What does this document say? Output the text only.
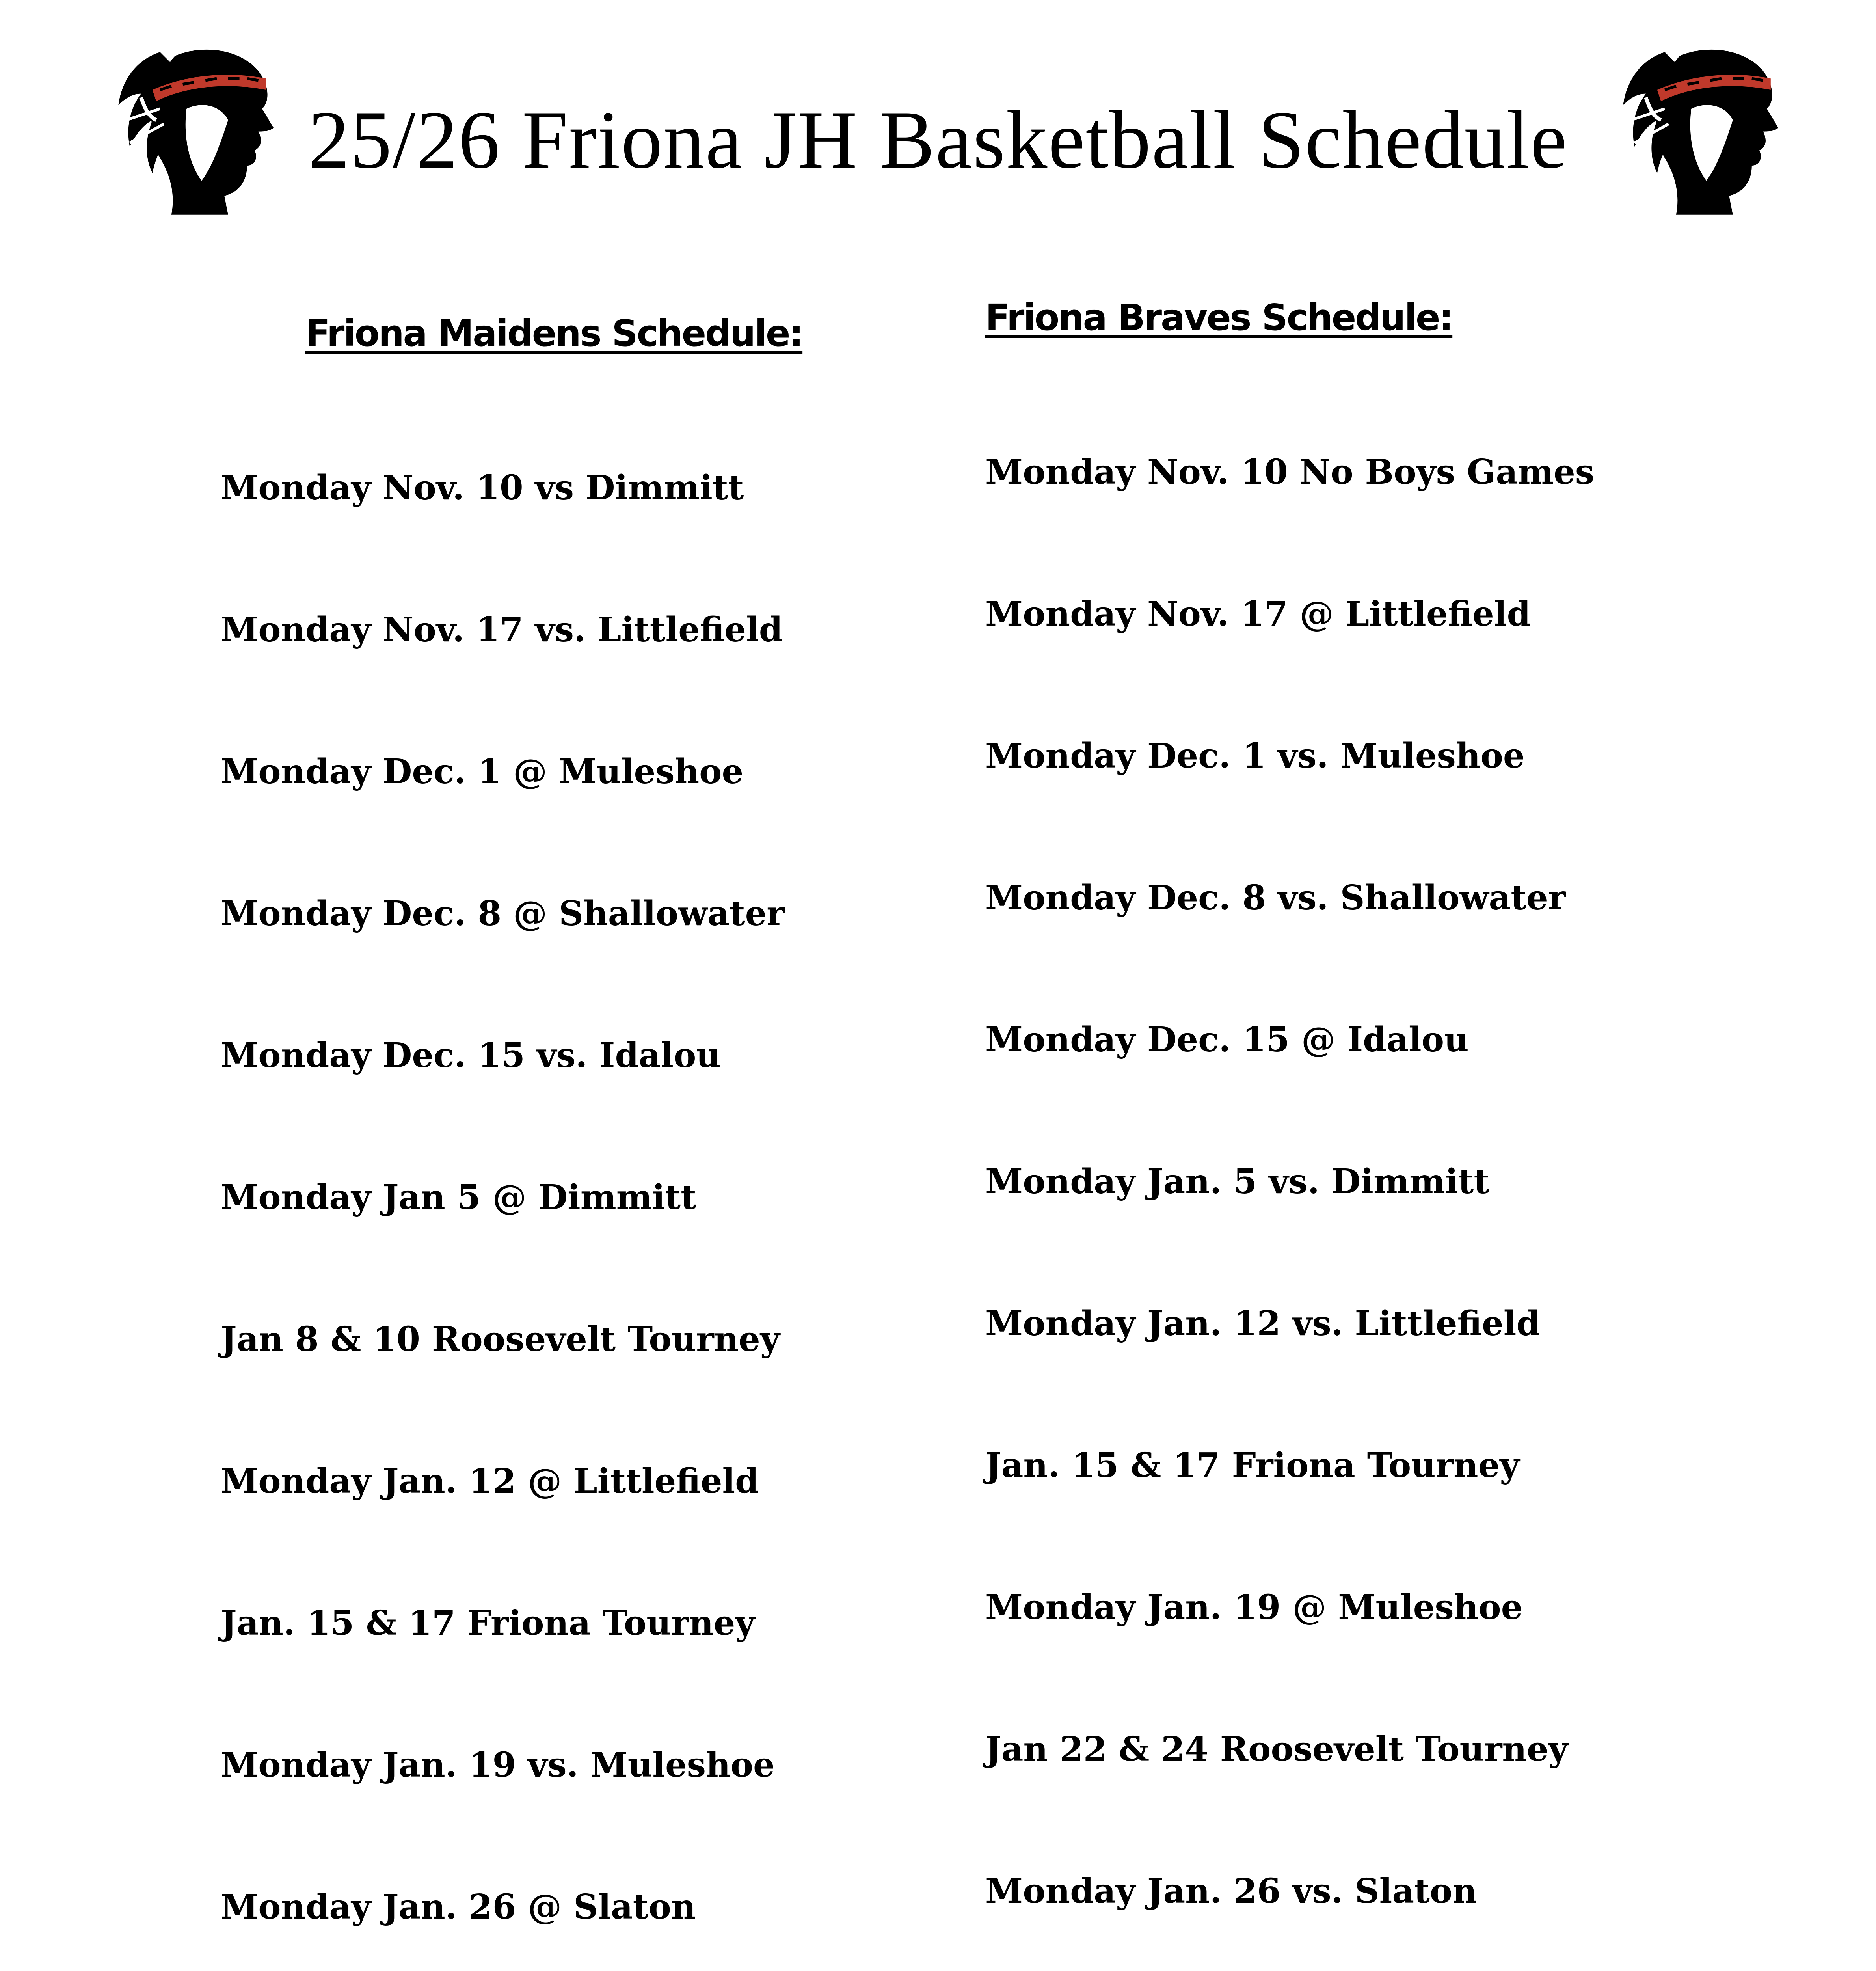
25/26 Friona JH Basketball Schedule
Friona Maidens Schedule:
Monday Nov. 10 vs Dimmitt
Monday Nov. 17 vs. Littlefield
Monday Dec. 1 @ Muleshoe
Monday Dec. 8 @ Shallowater
Monday Dec. 15 vs. Idalou
Monday Jan 5 @ Dimmitt
Jan 8 & 10 Roosevelt Tourney
Monday Jan. 12 @ Littlefield
Jan. 15 & 17 Friona Tourney
Monday Jan. 19 vs. Muleshoe
Monday Jan. 26 @ Slaton
Friona Braves Schedule:
Monday Nov. 10 No Boys Games
Monday Nov. 17 @ Littlefield
Monday Dec. 1 vs. Muleshoe
Monday Dec. 8 vs. Shallowater
Monday Dec. 15 @ Idalou
Monday Jan. 5 vs. Dimmitt
Monday Jan. 12 vs. Littlefield
Jan. 15 & 17 Friona Tourney
Monday Jan. 19 @ Muleshoe
Jan 22 & 24 Roosevelt Tourney
Monday Jan. 26 vs. Slaton
